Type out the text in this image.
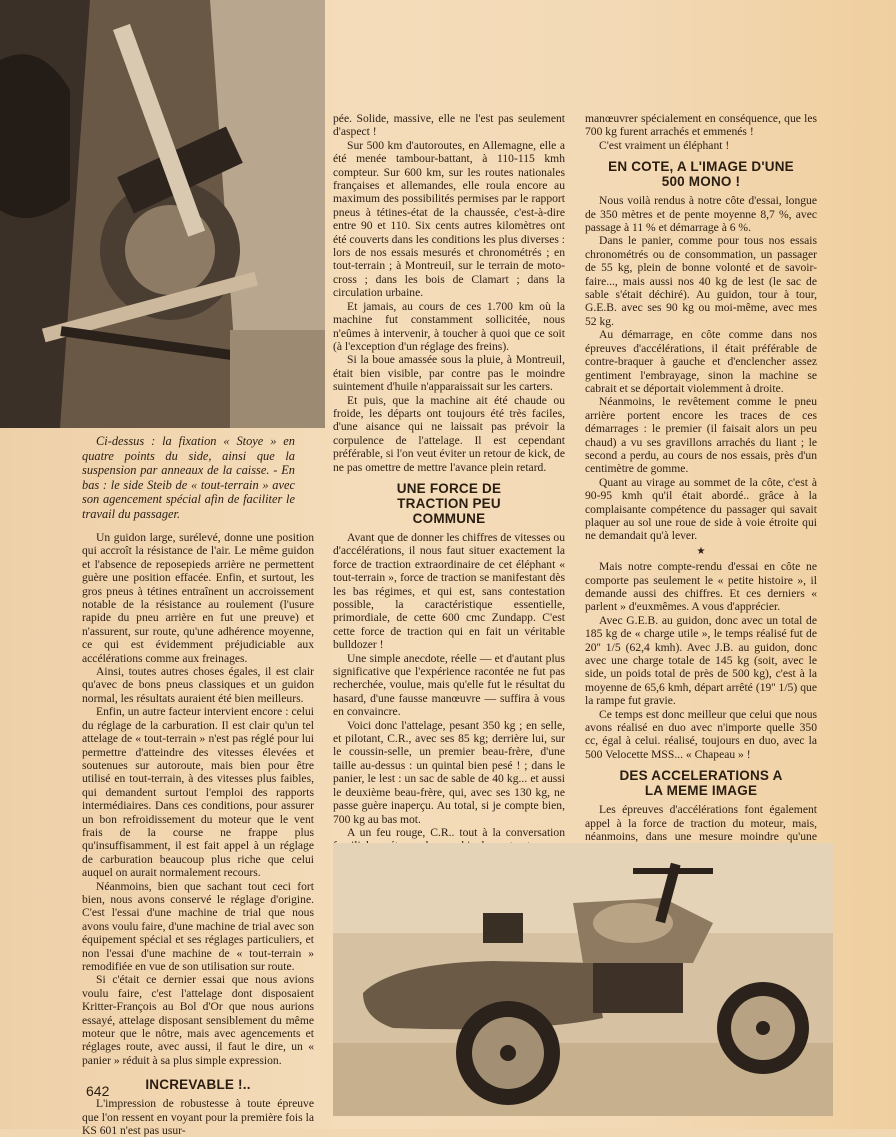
Ci-dessus : la fixation « Stoye » en quatre points du side, ainsi que la suspension par anneaux de la caisse. - En bas : le side Steib de « tout-terrain » avec son agencement spécial afin de faciliter le travail du passager.

Un guidon large, surélevé, donne une position qui accroît la résistance de l'air. Le même guidon et l'absence de reposepieds arrière ne permettent guère une position effacée. Enfin, et surtout, les gros pneus à tétines entraînent un accroissement notable de la résistance au roulement (l'usure rapide du pneu arrière en fut une preuve) et n'assurent, sur route, qu'une adhérence moyenne, ce qui est évidemment préjudiciable aux accélérations comme aux freinages.

Ainsi, toutes autres choses égales, il est clair qu'avec de bons pneus classiques et un guidon normal, les résultats auraient été bien meilleurs.

Enfin, un autre facteur intervient encore : celui du réglage de la carburation. Il est clair qu'un tel attelage de « tout-terrain » n'est pas réglé pour lui permettre d'atteindre des vitesses élevées et soutenues sur autoroute, mais bien pour être utilisé en tout-terrain, à des vitesses plus faibles, qui demandent surtout l'emploi des rapports intermédiaires. Dans ces conditions, pour assurer un bon refroidissement du moteur que le vent frais de la course ne frappe plus qu'insuffisamment, il est fait appel à un réglage de carburation beaucoup plus riche que celui auquel on aurait normalement recours.

Néanmoins, bien que sachant tout ceci fort bien, nous avons conservé le réglage d'origine. C'est l'essai d'une machine de trial que nous avons voulu faire, d'une machine de trial avec son équipement spécial et ses réglages particuliers, et non l'essai d'une machine de « tout-terrain » remodifiée en vue de son utilisation sur route.

Si c'était ce dernier essai que nous avions voulu faire, c'est l'attelage dont disposaient Kritter-François au Bol d'Or que nous aurions essayé, attelage disposant sensiblement du même moteur que le nôtre, mais avec agencements et réglages route, avec aussi, il faut le dire, un « panier » réduit à sa plus simple expression.

INCREVABLE !..

L'impression de robustesse à toute épreuve que l'on ressent en voyant pour la première fois la KS 601 n'est pas usur-

pée. Solide, massive, elle ne l'est pas seulement d'aspect !

Sur 500 km d'autoroutes, en Allemagne, elle a été menée tambour-battant, à 110-115 kmh compteur. Sur 600 km, sur les routes nationales françaises et allemandes, elle roula encore au maximum des possibilités permises par le rapport pneus à tétines-état de la chaussée, c'est-à-dire entre 90 et 110. Six cents autres kilomètres ont été couverts dans les conditions les plus diverses : lors de nos essais mesurés et chronométrés ; en tout-terrain ; à Montreuil, sur le terrain de moto-cross ; dans les bois de Clamart ; dans la circulation urbaine.

Et jamais, au cours de ces 1.700 km où la machine fut constamment sollicitée, nous n'eûmes à intervenir, à toucher à quoi que ce soit (à l'exception d'un réglage des freins).

Si la boue amassée sous la pluie, à Montreuil, était bien visible, par contre pas le moindre suintement d'huile n'apparaissait sur les carters.

Et puis, que la machine ait été chaude ou froide, les départs ont toujours été très faciles, d'une aisance qui ne laissait pas prévoir la corpulence de l'attelage. Il est cependant préférable, si l'on veut éviter un retour de kick, de ne pas omettre de mettre l'avance plein retard.

UNE FORCE DE TRACTION PEU COMMUNE

Avant que de donner les chiffres de vitesses ou d'accélérations, il nous faut situer exactement la force de traction extraordinaire de cet éléphant « tout-terrain », force de traction se manifestant dès les bas régimes, et qui est, sans contestation possible, la caractéristique essentielle, primordiale, de cette 600 cmc Zundapp. C'est cette force de traction qui en fait un véritable bulldozer !

Une simple anecdote, réelle — et d'autant plus significative que l'expérience racontée ne fut pas recherchée, voulue, mais qu'elle fut le résultat du hasard, d'une fausse manœuvre — suffira à vous en convaincre.

Voici donc l'attelage, pesant 350 kg ; en selle, et pilotant, C.R., avec ses 85 kg; derrière lui, sur le coussin-selle, un premier beau-frère, d'une taille au-dessus : un quintal bien pesé ! ; dans le panier, le lest : un sac de sable de 40 kg... et aussi le deuxième beau-frère, qui, avec ses 130 kg, ne passe guère inaperçu. Au total, si je compte bien, 700 kg au bas mot.

A un feu rouge, C.R.. tout à la conversation

manœuvrer spécialement en conséquence, que les 700 kg furent arrachés et emmenés !

C'est vraiment un éléphant !

EN COTE, A L'IMAGE D'UNE 500 MONO !

Nous voilà rendus à notre côte d'essai, longue de 350 mètres et de pente moyenne 8,7 %, avec passage à 11 % et démarrage à 6 %.

Dans le panier, comme pour tous nos essais chronométrés ou de consommation, un passager de 55 kg, plein de bonne volonté et de savoir-faire..., mais aussi nos 40 kg de lest (le sac de sable s'était déchiré). Au guidon, tour à tour, G.E.B. avec ses 90 kg ou moi-même, avec mes 52 kg.

Au démarrage, en côte comme dans nos épreuves d'accélérations, il était préférable de contre-braquer à gauche et d'enclencher assez gentiment l'embrayage, sinon la machine se cabrait et se déportait violemment à droite.

Néanmoins, le revêtement comme le pneu arrière portent encore les traces de ces démarrages : le premier (il faisait alors un peu chaud) a vu ses gravillons arrachés du liant ; le second a perdu, au cours de nos essais, près d'un centimètre de gomme.

Quant au virage au sommet de la côte, c'est à 90-95 kmh qu'il était abordé.. grâce à la complaisante compétence du passager qui savait plaquer au sol une roue de side à voie étroite qui ne demandait qu'à lever.

★

Mais notre compte-rendu d'essai en côte ne comporte pas seulement le « petite histoire », il demande aussi des chiffres. Et ces derniers « parlent » d'euxmêmes. A vous d'apprécier.

Avec G.E.B. au guidon, donc avec un total de 185 kg de « charge utile », le temps réalisé fut de 20'' 1/5 (62,4 kmh). Avec J.B. au guidon, donc avec une charge totale de 145 kg (soit, avec le side, un poids total de près de 500 kg), c'est à la moyenne de 65,6 kmh, départ arrêté (19'' 1/5) que la rampe fut gravie.

Ce temps est donc meilleur que celui que nous avons réalisé en duo avec n'importe quelle 350 cc, égal à celui. réalisé, toujours en duo, avec la 500 Velocette MSS... « Chapeau » !

DES ACCELERATIONS A LA MEME IMAGE

Les épreuves d'accélérations font également appel à la force de traction du moteur, mais, néanmoins, dans une mesure moindre qu'une

642
